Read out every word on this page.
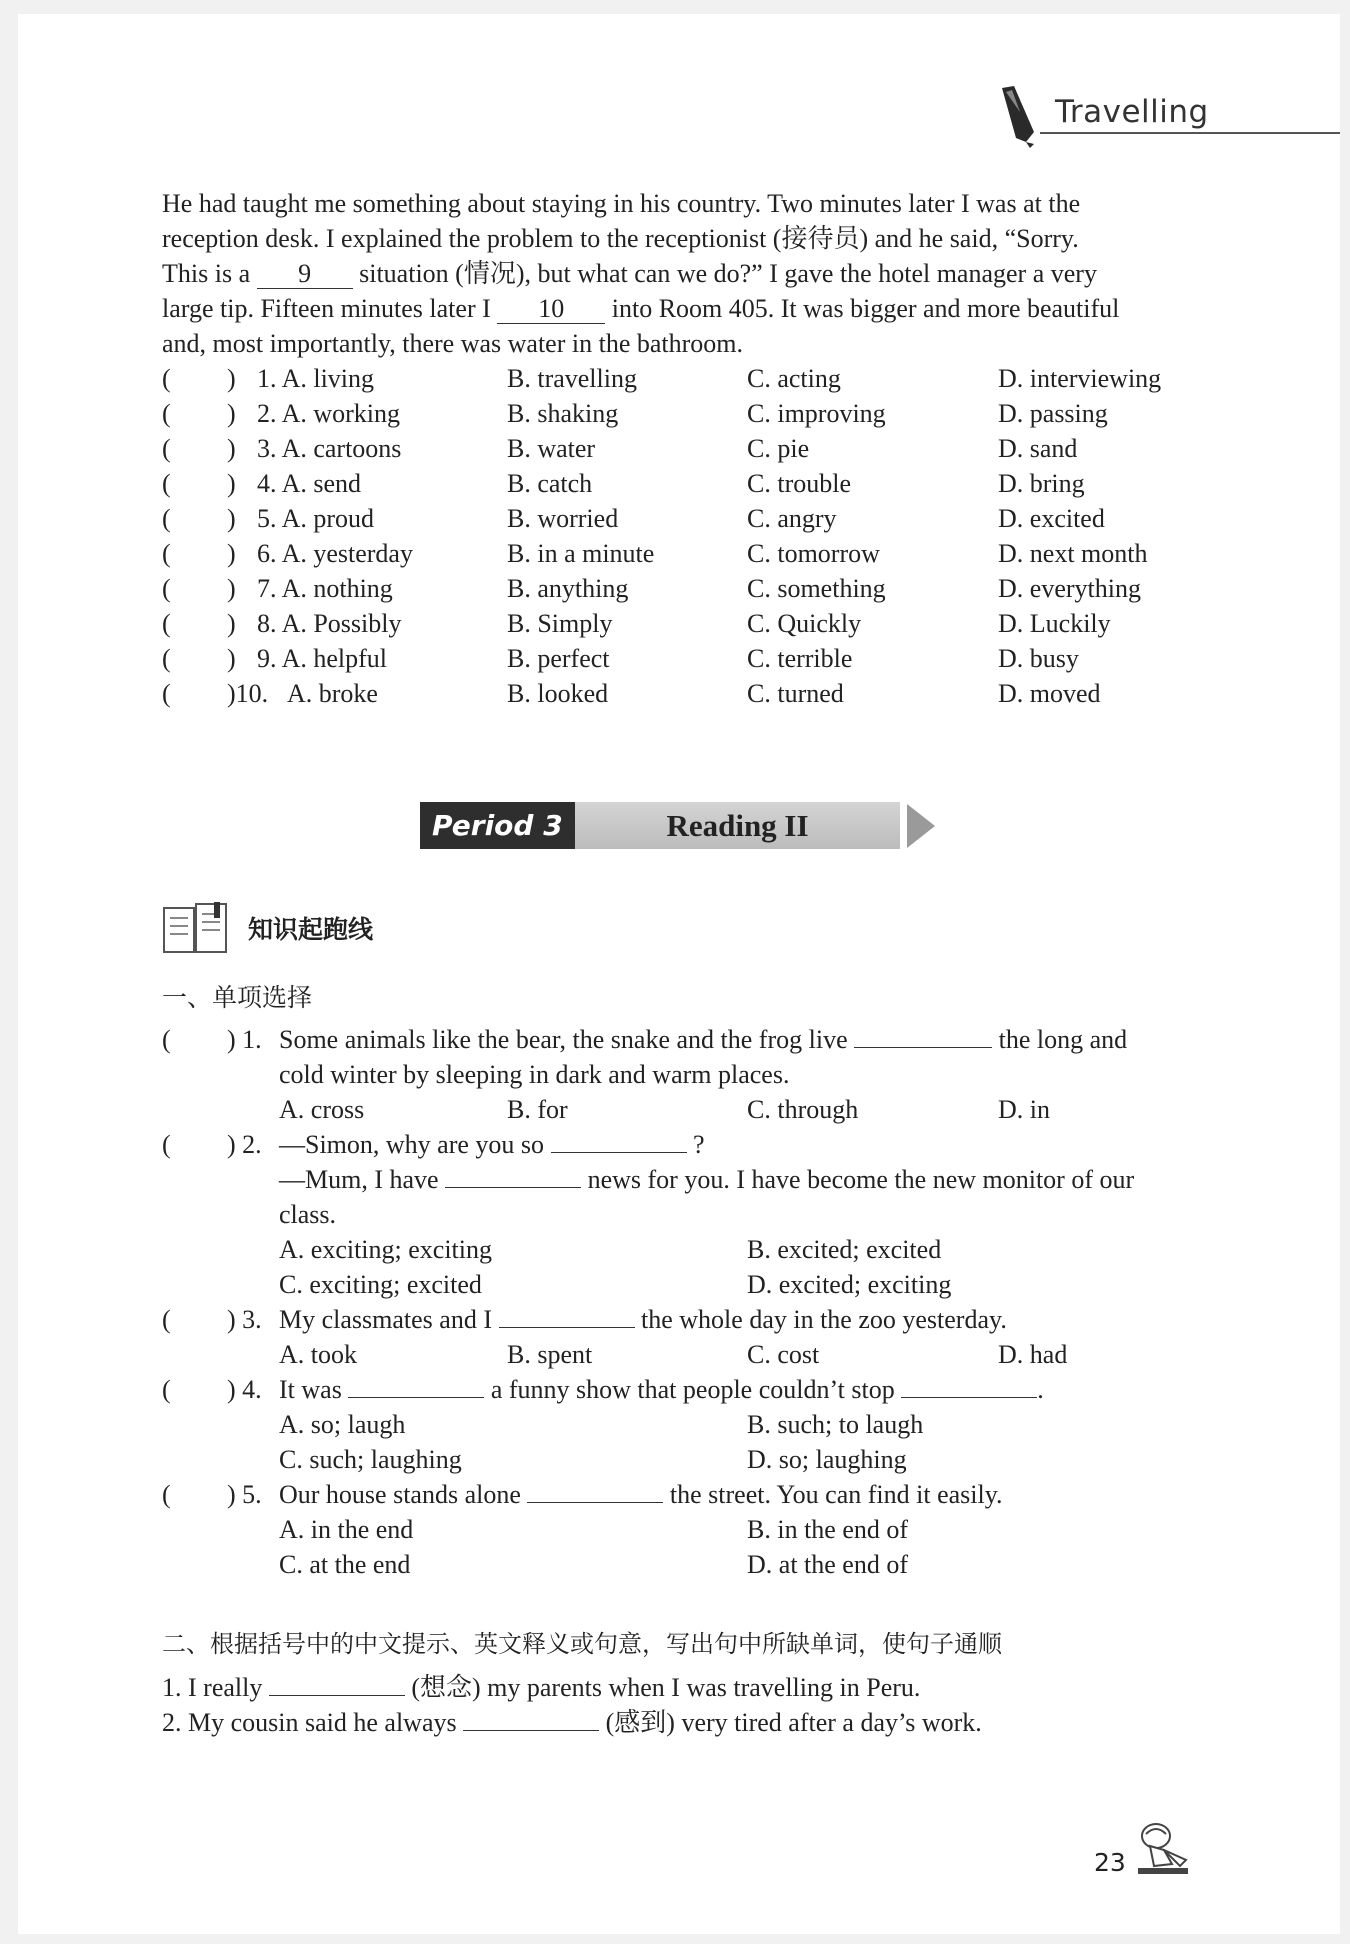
Travelling
He had taught me something about staying in his country. Two minutes later I was at the
reception desk. I explained the problem to the receptionist (接待员) and he said, “Sorry.
This is a 9 situation (情况), but what can we do?” I gave the hotel manager a very
large tip. Fifteen minutes later I 10 into Room 405. It was bigger and more beautiful
and, most importantly, there was water in the bathroom.
( ) 1. A. living	B. travelling	C. acting	D. interviewing
( ) 2. A. working	B. shaking	C. improving	D. passing
( ) 3. A. cartoons	B. water	C. pie	D. sand
( ) 4. A. send	B. catch	C. trouble	D. bring
( ) 5. A. proud	B. worried	C. angry	D. excited
( ) 6. A. yesterday	B. in a minute	C. tomorrow	D. next month
( ) 7. A. nothing	B. anything	C. something	D. everything
( ) 8. A. Possibly	B. Simply	C. Quickly	D. Luckily
( ) 9. A. helpful	B. perfect	C. terrible	D. busy
( )10. A. broke	B. looked	C. turned	D. moved
Period 3	Reading II
知识起跑线
一、单项选择
( ) 1. Some animals like the bear, the snake and the frog live	the long and
cold winter by sleeping in dark and warm places.
A. cross	B. for	C. through	D. in
( ) 2. —Simon, why are you so	?
—Mum, I have	news for you. I have become the new monitor of our
class.
A. exciting; exciting	B. excited; excited
C. exciting; excited	D. excited; exciting
( ) 3. My classmates and I	the whole day in the zoo yesterday.
A. took	B. spent	C. cost	D. had
( ) 4. It was	a funny show that people couldn’t stop	.
A. so; laugh	B. such; to laugh
C. such; laughing	D. so; laughing
( ) 5. Our house stands alone	the street. You can find it easily.
A. in the end	B. in the end of
C. at the end	D. at the end of
二、根据括号中的中文提示、英文释义或句意，写出句中所缺单词，使句子通顺
1. I really	(想念) my parents when I was travelling in Peru.
2. My cousin said he always	(感到) very tired after a day’s work.
23
